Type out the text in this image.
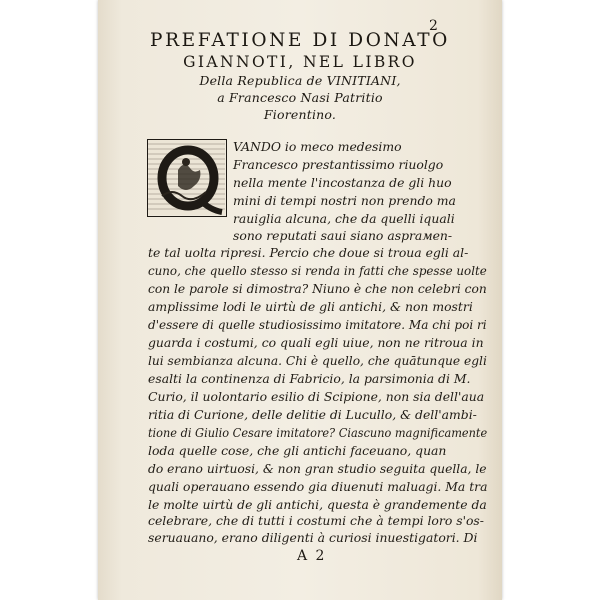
2
PREFATIONE DI DONATO
GIANNOTI, NEL LIBRO
Della Republica de VINITIANI,
a Francesco Nasi Patritio
Fiorentino.
VANDO io meco medesimo
Francesco prestantissimo riuolgo
nella mente l'incostanza de gli huo
mini di tempi nostri non prendo ma
rauiglia alcuna, che da quelli iquali
sono reputati saui siano asprамen-
te tal uolta ripresi. Percio che doue si troua egli al-
cuno, che quello stesso si renda in fatti che spesse uolte
con le parole si dimostra? Niuno è che non celebri con
amplissime lodi le uirtù de gli antichi, & non mostri
d'essere di quelle studiosissimo imitatore. Ma chi poi ri
guarda i costumi, co quali egli uiue, non ne ritroua in
lui sembianza alcuna. Chi è quello, che quātunque egli
esalti la continenza di Fabricio, la parsimonia di M.
Curio, il uolontario esilio di Scipione, non sia dell'aua
ritia di Curione, delle delitie di Lucullo, & dell'ambi-
tione di Giulio Cesare imitatore? Ciascuno magnificamente
loda quelle cose, che gli antichi faceuano, quan
do erano uirtuosi, & non gran studio seguita quella, le
quali operauano essendo gia diuenuti maluagi. Ma tra
le molte uirtù de gli antichi, questa è grandemente da
celebrare, che di tutti i costumi che à tempi loro s'os-
seruauano, erano diligenti à curiosi inuestigatori. Di
A 2
